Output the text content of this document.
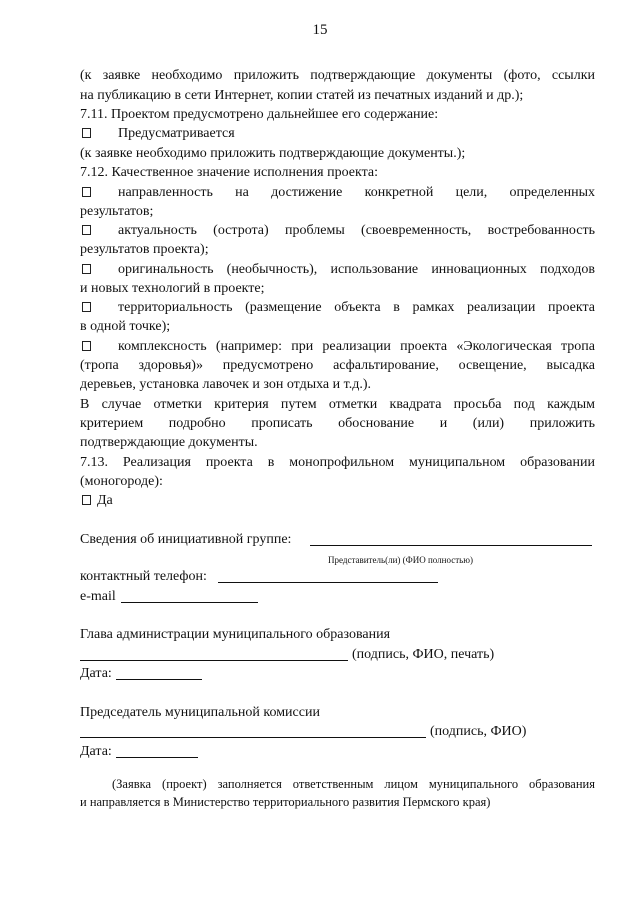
15
(к заявке необходимо приложить подтверждающие документы (фото, ссылки
на публикацию в сети Интернет, копии статей из печатных изданий и др.);
7.11. Проектом предусмотрено дальнейшее его содержание:
Предусматривается
(к заявке необходимо приложить подтверждающие документы.);
7.12. Качественное значение исполнения проекта:
направленность на достижение конкретной цели, определенных
результатов;
актуальность (острота) проблемы (своевременность, востребованность
результатов проекта);
оригинальность (необычность), использование инновационных подходов
и новых технологий в проекте;
территориальность (размещение объекта в рамках реализации проекта
в одной точке);
комплексность (например: при реализации проекта «Экологическая тропа
(тропа здоровья)» предусмотрено асфальтирование, освещение, высадка
деревьев, установка лавочек и зон отдыха и т.д.).
В случае отметки критерия путем отметки квадрата просьба под каждым
критерием подробно прописать обоснование и (или) приложить
подтверждающие документы.
7.13. Реализация проекта в монопрофильном муниципальном образовании
(моногороде):
Да
Сведения об инициативной группе:
Представитель(ли) (ФИО полностью)
контактный телефон:
e-mail
Глава администрации муниципального образования
(подпись, ФИО, печать)
Дата:
Председатель муниципальной комиссии
(подпись, ФИО)
Дата:
(Заявка (проект) заполняется ответственным лицом муниципального образования
и направляется в Министерство территориального развития Пермского края)
